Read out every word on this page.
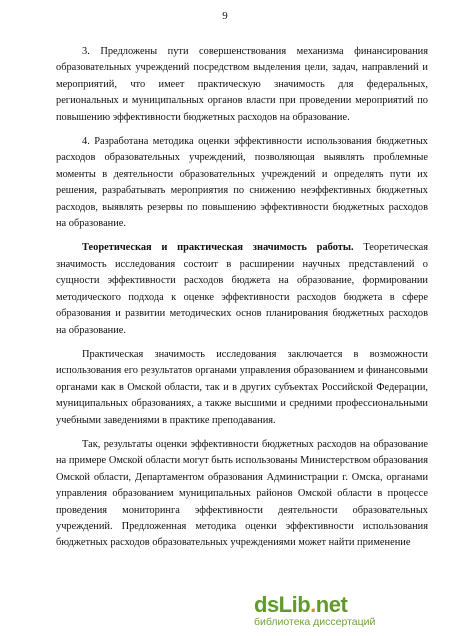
9

3. Предложены пути совершенствования механизма финансирования образовательных учреждений посредством выделения цели, задач, направлений и мероприятий, что имеет практическую значимость для федеральных, региональных и муниципальных органов власти при проведении мероприятий по повышению эффективности бюджетных расходов на образование.

4. Разработана методика оценки эффективности использования бюджетных расходов образовательных учреждений, позволяющая выявлять проблемные моменты в деятельности образовательных учреждений и определять пути их решения, разрабатывать мероприятия по снижению неэффективных бюджетных расходов, выявлять резервы по повышению эффективности бюджетных расходов на образование.

Теоретическая и практическая значимость работы. Теоретическая значимость исследования состоит в расширении научных представлений о сущности эффективности расходов бюджета на образование, формировании методического подхода к оценке эффективности расходов бюджета в сфере образования и развитии методических основ планирования бюджетных расходов на образование.

Практическая значимость исследования заключается в возможности использования его результатов органами управления образованием и финансовыми органами как в Омской области, так и в других субъектах Российской Федерации, муниципальных образованиях, а также высшими и средними профессиональными учебными заведениями в практике преподавания.

Так, результаты оценки эффективности бюджетных расходов на образование на примере Омской области могут быть использованы Министерством образования Омской области, Департаментом образования Администрации г. Омска, органами управления образованием муниципальных районов Омской области в процессе проведения мониторинга эффективности деятельности образовательных учреждений. Предложенная методика оценки эффективности использования бюджетных расходов образовательных учреждениями может найти применение

dsLib.net
библиотека диссертаций
